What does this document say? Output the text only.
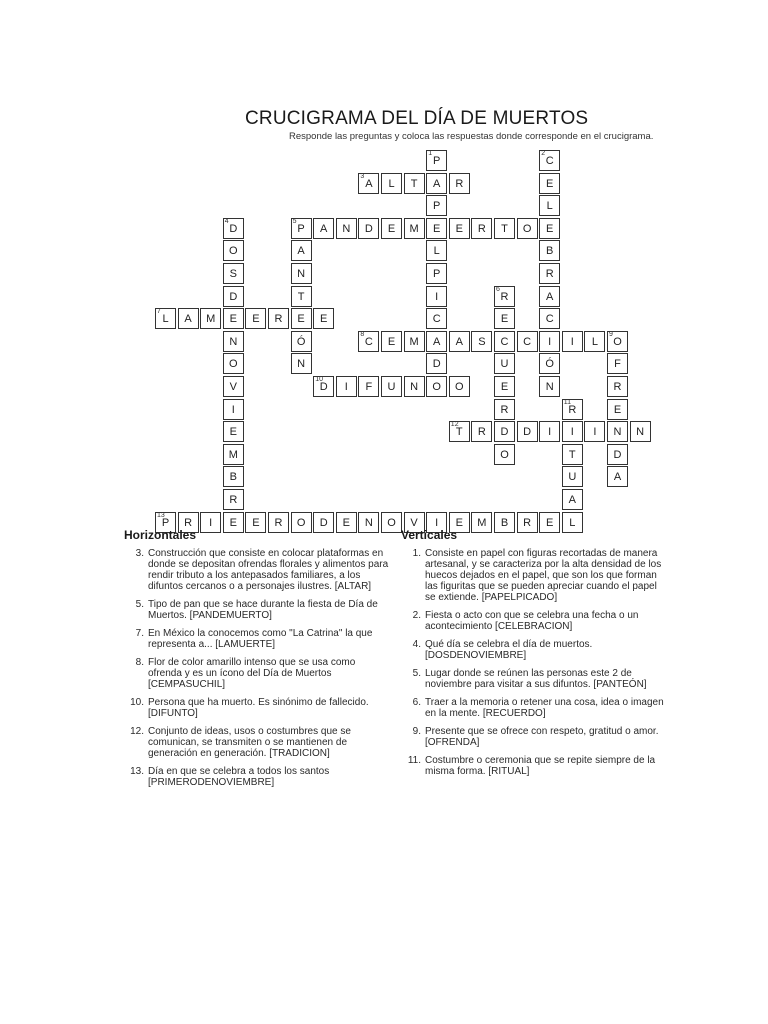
CRUCIGRAMA DEL DÍA DE MUERTOS
Responde las preguntas y coloca las respuestas donde corresponde en el crucigrama.
1
P
A
P
E
L
P
I
C
A
D
O
2
C
E
L
E
B
R
A
C
I
Ó
N
3
A	L	T	R
4
D
O
S
D
E
N
O
V
I
E
M
B
R
E
5
P	A	N	D	E	M	E	R	T	O
A
N
T
E
Ó
N
6
R
E
C
U
E
R
D
O
7
L	A	M	E	R	E
8
C	E	M	A	S	C	I	L
9
O
F
R
E
N
D
A
10
D	I	F	U	N	O
11
R
I
T
U
A
L
12
T	R	D	I	I	N
13
P	R	I	E	R	O	D	E	N	O	V	I	E	M	B	R	E
Horizontales
3. Construcción que consiste en colocar plataformas en donde se depositan ofrendas florales y alimentos para rendir tributo a los antepasados familiares, a los difuntos cercanos o a personajes ilustres. [ALTAR]
5. Tipo de pan que se hace durante la fiesta de Día de Muertos. [PANDEMUERTO]
7. En México la conocemos como "La Catrina" la que representa a... [LAMUERTE]
8. Flor de color amarillo intenso que se usa como ofrenda y es un ícono del Día de Muertos [CEMPASUCHIL]
10. Persona que ha muerto. Es sinónimo de fallecido. [DIFUNTO]
12. Conjunto de ideas, usos o costumbres que se comunican, se transmiten o se mantienen de generación en generación. [TRADICION]
13. Día en que se celebra a todos los santos [PRIMERODENOVIEMBRE]
Verticales
1. Consiste en papel con figuras recortadas de manera artesanal, y se caracteriza por la alta densidad de los huecos dejados en el papel, que son los que forman las figuritas que se pueden apreciar cuando el papel se extiende. [PAPELPICADO]
2. Fiesta o acto con que se celebra una fecha o un acontecimiento [CELEBRACION]
4. Qué día se celebra el día de muertos. [DOSDENOVIEMBRE]
5. Lugar donde se reúnen las personas este 2 de noviembre para visitar a sus difuntos. [PANTEÓN]
6. Traer a la memoria o retener una cosa, idea o imagen en la mente. [RECUERDO]
9. Presente que se ofrece con respeto, gratitud o amor. [OFRENDA]
11. Costumbre o ceremonia que se repite siempre de la misma forma. [RITUAL]
